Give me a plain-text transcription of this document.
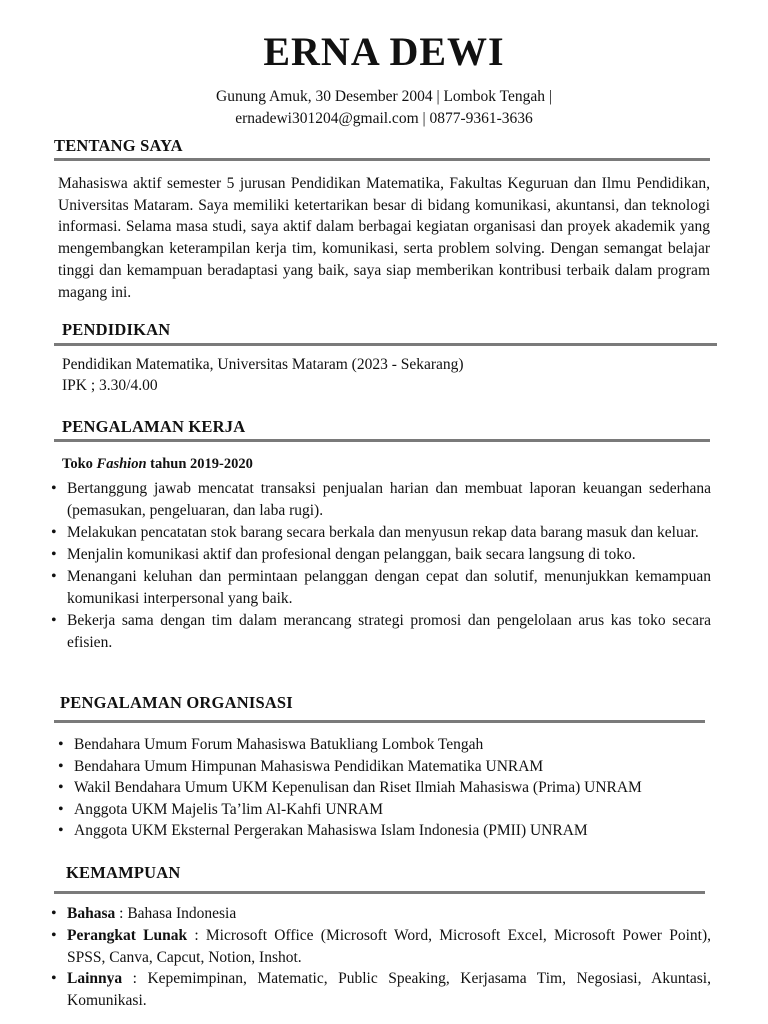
ERNA DEWI
Gunung Amuk, 30 Desember 2004 | Lombok Tengah |
ernadewi301204@gmail.com | 0877-9361-3636
TENTANG SAYA

Mahasiswa aktif semester 5 jurusan Pendidikan Matematika, Fakultas Keguruan dan Ilmu Pendidikan, Universitas Mataram. Saya memiliki ketertarikan besar di bidang komunikasi, akuntansi, dan teknologi informasi. Selama masa studi, saya aktif dalam berbagai kegiatan organisasi dan proyek akademik yang mengembangkan keterampilan kerja tim, komunikasi, serta problem solving. Dengan semangat belajar tinggi dan kemampuan beradaptasi yang baik, saya siap memberikan kontribusi terbaik dalam program magang ini.

PENDIDIKAN

Pendidikan Matematika, Universitas Mataram (2023 - Sekarang)

IPK ; 3.30/4.00

PENGALAMAN KERJA
Toko Fashion tahun 2019-2020
• Bertanggung jawab mencatat transaksi penjualan harian dan membuat laporan keuangan sederhana (pemasukan, pengeluaran, dan laba rugi).
• Melakukan pencatatan stok barang secara berkala dan menyusun rekap data barang masuk dan keluar.
• Menjalin komunikasi aktif dan profesional dengan pelanggan, baik secara langsung di toko.
• Menangani keluhan dan permintaan pelanggan dengan cepat dan solutif, menunjukkan kemampuan komunikasi interpersonal yang baik.
• Bekerja sama dengan tim dalam merancang strategi promosi dan pengelolaan arus kas toko secara efisien.
PENGALAMAN ORGANISASI
• Bendahara Umum Forum Mahasiswa Batukliang Lombok Tengah
• Bendahara Umum Himpunan Mahasiswa Pendidikan Matematika UNRAM
• Wakil Bendahara Umum UKM Kepenulisan dan Riset Ilmiah Mahasiswa (Prima) UNRAM
• Anggota UKM Majelis Ta’lim Al-Kahfi UNRAM
• Anggota UKM Eksternal Pergerakan Mahasiswa Islam Indonesia (PMII) UNRAM
KEMAMPUAN
• Bahasa : Bahasa Indonesia
• Perangkat Lunak : Microsoft Office (Microsoft Word, Microsoft Excel, Microsoft Power Point), SPSS, Canva, Capcut, Notion, Inshot.
• Lainnya : Kepemimpinan, Matematic, Public Speaking, Kerjasama Tim, Negosiasi, Akuntasi, Komunikasi.
